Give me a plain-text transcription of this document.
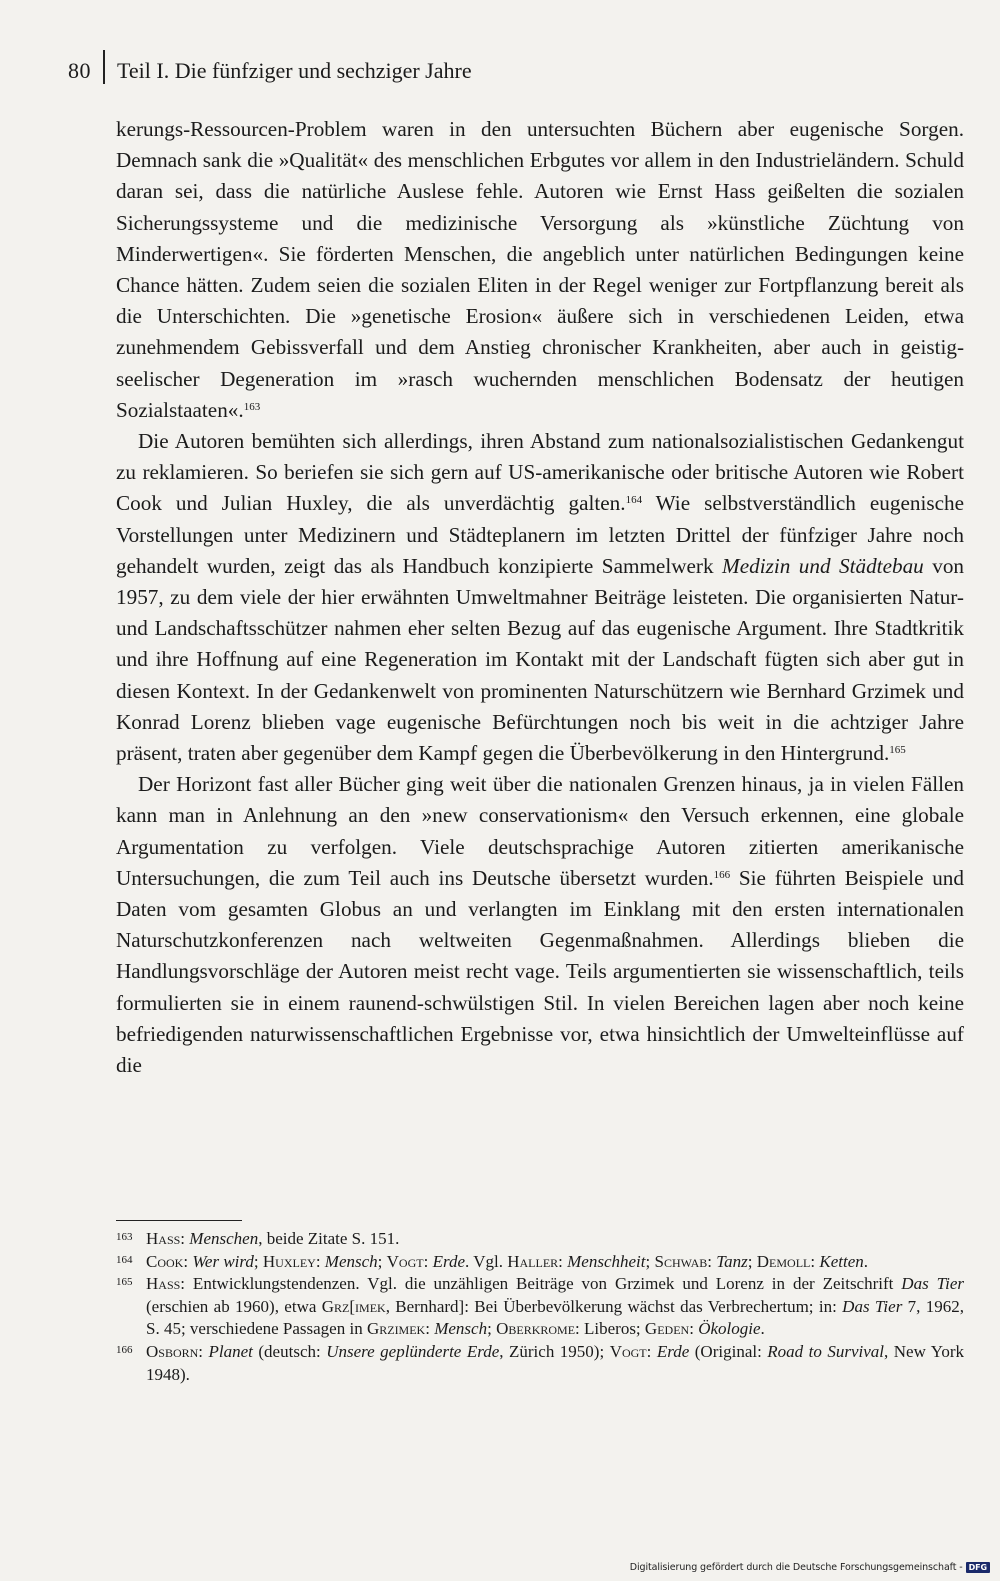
80 Teil I. Die fünfziger und sechziger Jahre

kerungs-Ressourcen-Problem waren in den untersuchten Büchern aber eugenische Sorgen. Demnach sank die »Qualität« des menschlichen Erbgutes vor allem in den Industrieländern. Schuld daran sei, dass die natürliche Auslese fehle. Autoren wie Ernst Hass geißelten die sozialen Sicherungssysteme und die medizinische Versorgung als »künstliche Züchtung von Minderwertigen«. Sie förderten Menschen, die angeblich unter natürlichen Bedingungen keine Chance hätten. Zudem seien die sozialen Eliten in der Regel weniger zur Fortpflanzung bereit als die Unterschichten. Die »genetische Erosion« äußere sich in verschiedenen Leiden, etwa zunehmendem Gebissverfall und dem Anstieg chronischer Krankheiten, aber auch in geistig-seelischer Degeneration im »rasch wuchernden menschlichen Bodensatz der heutigen Sozialstaaten«.$^{163}$

Die Autoren bemühten sich allerdings, ihren Abstand zum nationalsozialistischen Gedankengut zu reklamieren. So beriefen sie sich gern auf US-amerikanische oder britische Autoren wie Robert Cook und Julian Huxley, die als unverdächtig galten.$^{164}$ Wie selbstverständlich eugenische Vorstellungen unter Medizinern und Städteplanern im letzten Drittel der fünfziger Jahre noch gehandelt wurden, zeigt das als Handbuch konzipierte Sammelwerk Medizin und Städtebau von 1957, zu dem viele der hier erwähnten Umweltmahner Beiträge leisteten. Die organisierten Natur- und Landschaftsschützer nahmen eher selten Bezug auf das eugenische Argument. Ihre Stadtkritik und ihre Hoffnung auf eine Regeneration im Kontakt mit der Landschaft fügten sich aber gut in diesen Kontext. In der Gedankenwelt von prominenten Naturschützern wie Bernhard Grzimek und Konrad Lorenz blieben vage eugenische Befürchtungen noch bis weit in die achtziger Jahre präsent, traten aber gegenüber dem Kampf gegen die Überbevölkerung in den Hintergrund.$^{165}$

Der Horizont fast aller Bücher ging weit über die nationalen Grenzen hinaus, ja in vielen Fällen kann man in Anlehnung an den »new conservationism« den Versuch erkennen, eine globale Argumentation zu verfolgen. Viele deutschsprachige Autoren zitierten amerikanische Untersuchungen, die zum Teil auch ins Deutsche übersetzt wurden.$^{166}$ Sie führten Beispiele und Daten vom gesamten Globus an und verlangten im Einklang mit den ersten internationalen Naturschutzkonferenzen nach weltweiten Gegenmaßnahmen. Allerdings blieben die Handlungsvorschläge der Autoren meist recht vage. Teils argumentierten sie wissenschaftlich, teils formulierten sie in einem raunend-schwülstigen Stil. In vielen Bereichen lagen aber noch keine befriedigenden naturwissenschaftlichen Ergebnisse vor, etwa hinsichtlich der Umwelteinflüsse auf die

163 Hass: Menschen, beide Zitate S. 151.
164 Cook: Wer wird; Huxley: Mensch; Vogt: Erde. Vgl. Haller: Menschheit; Schwab: Tanz; Demoll: Ketten.
165 Hass: Entwicklungstendenzen. Vgl. die unzähligen Beiträge von Grzimek und Lorenz in der Zeitschrift Das Tier (erschien ab 1960), etwa Grz[imek, Bernhard]: Bei Überbevölkerung wächst das Verbrechertum; in: Das Tier 7, 1962, S. 45; verschiedene Passagen in Grzimek: Mensch; Oberkrome: Liberos; Geden: Ökologie.
166 Osborn: Planet (deutsch: Unsere geplünderte Erde, Zürich 1950); Vogt: Erde (Original: Road to Survival, New York 1948).
Digitalisierung gefördert durch die Deutsche Forschungsgemeinschaft - DFG
